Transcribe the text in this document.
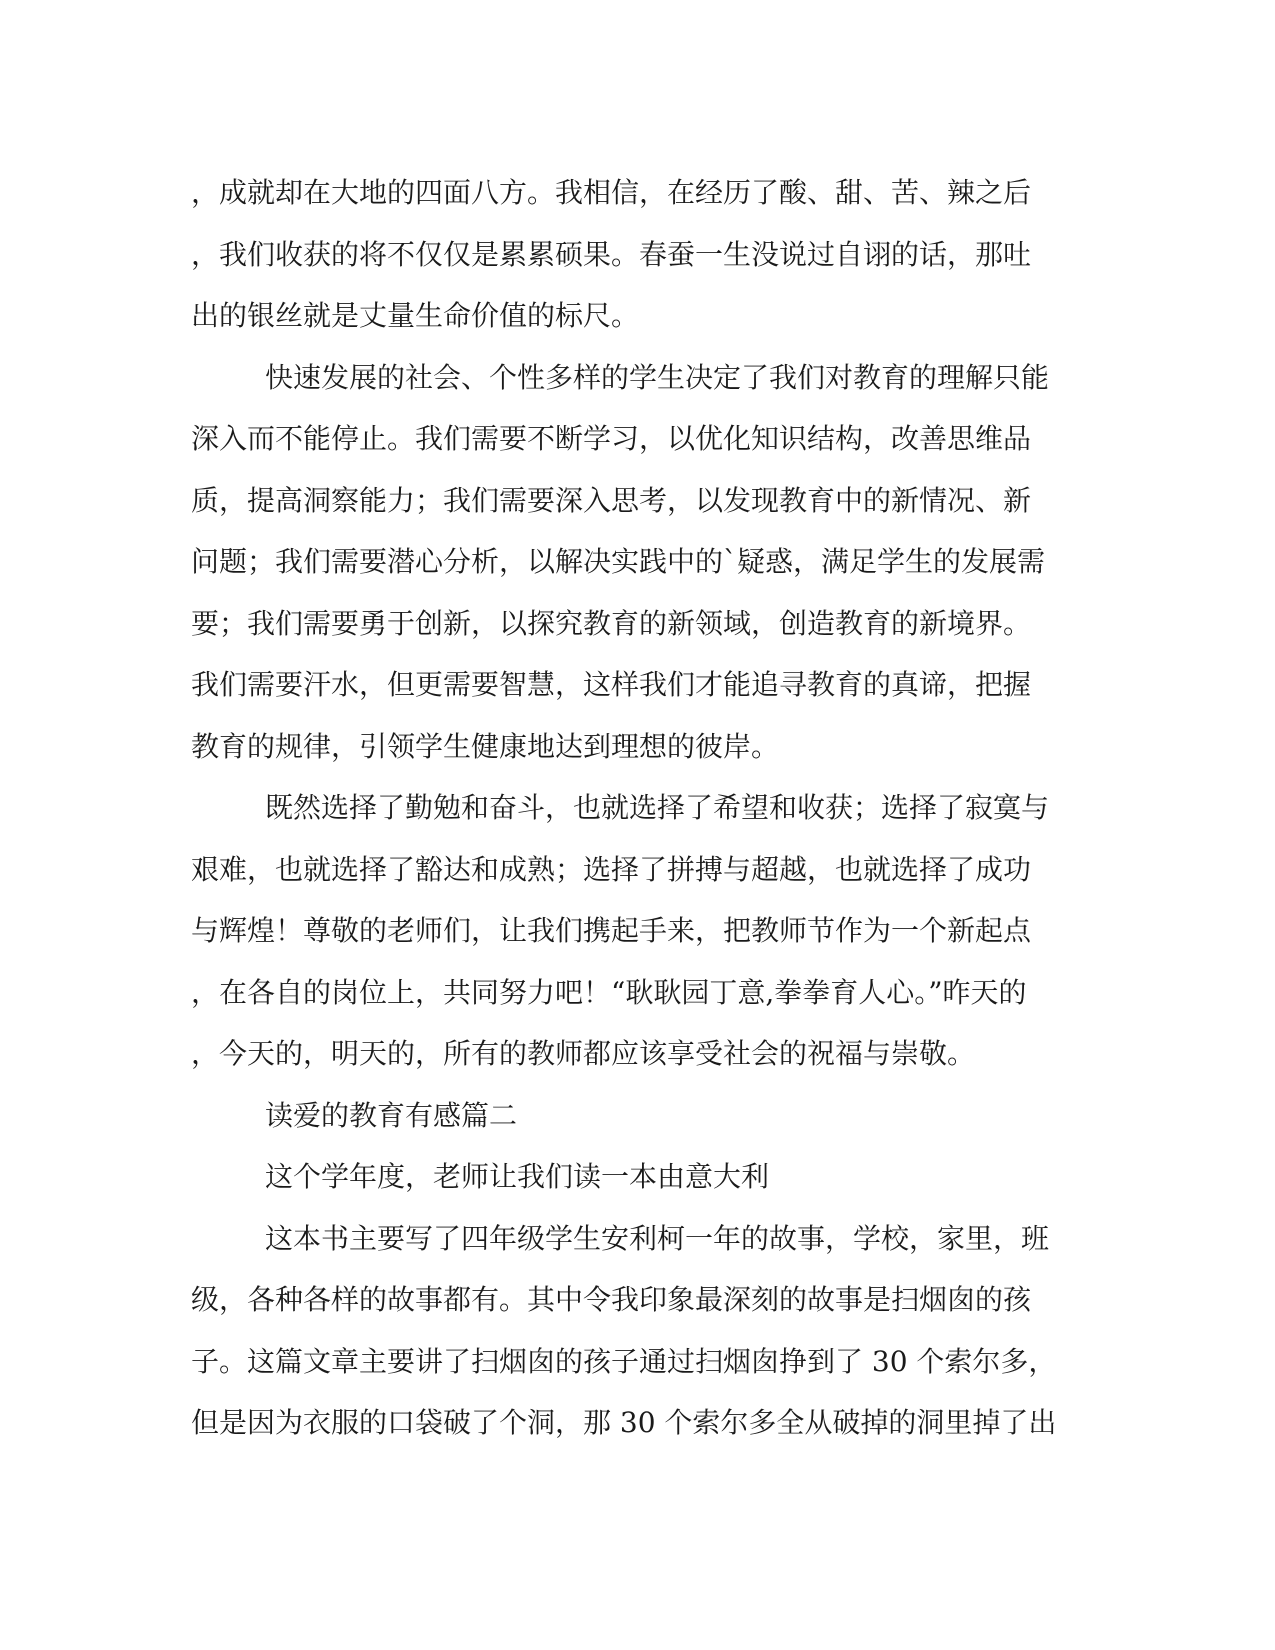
，成就却在大地的四面八方。我相信，在经历了酸、甜、苦、辣之后
，我们收获的将不仅仅是累累硕果。春蚕一生没说过自诩的话，那吐
出的银丝就是丈量生命价值的标尺。
快速发展的社会、个性多样的学生决定了我们对教育的理解只能
深入而不能停止。我们需要不断学习，以优化知识结构，改善思维品
质，提高洞察能力；我们需要深入思考，以发现教育中的新情况、新
问题；我们需要潜心分析，以解决实践中的`疑惑，满足学生的发展需
要；我们需要勇于创新，以探究教育的新领域，创造教育的新境界。
我们需要汗水，但更需要智慧，这样我们才能追寻教育的真谛，把握
教育的规律，引领学生健康地达到理想的彼岸。
既然选择了勤勉和奋斗，也就选择了希望和收获；选择了寂寞与
艰难，也就选择了豁达和成熟；选择了拼搏与超越，也就选择了成功
与辉煌！尊敬的老师们，让我们携起手来，把教师节作为一个新起点
，在各自的岗位上，共同努力吧！“耿耿园丁意,拳拳育人心。”昨天的
，今天的，明天的，所有的教师都应该享受社会的祝福与崇敬。
读爱的教育有感篇二
这个学年度，老师让我们读一本由意大利
这本书主要写了四年级学生安利柯一年的故事，学校，家里，班
级，各种各样的故事都有。其中令我印象最深刻的故事是扫烟囱的孩
子。这篇文章主要讲了扫烟囱的孩子通过扫烟囱挣到了 30 个索尔多，
但是因为衣服的口袋破了个洞，那 30 个索尔多全从破掉的洞里掉了出
